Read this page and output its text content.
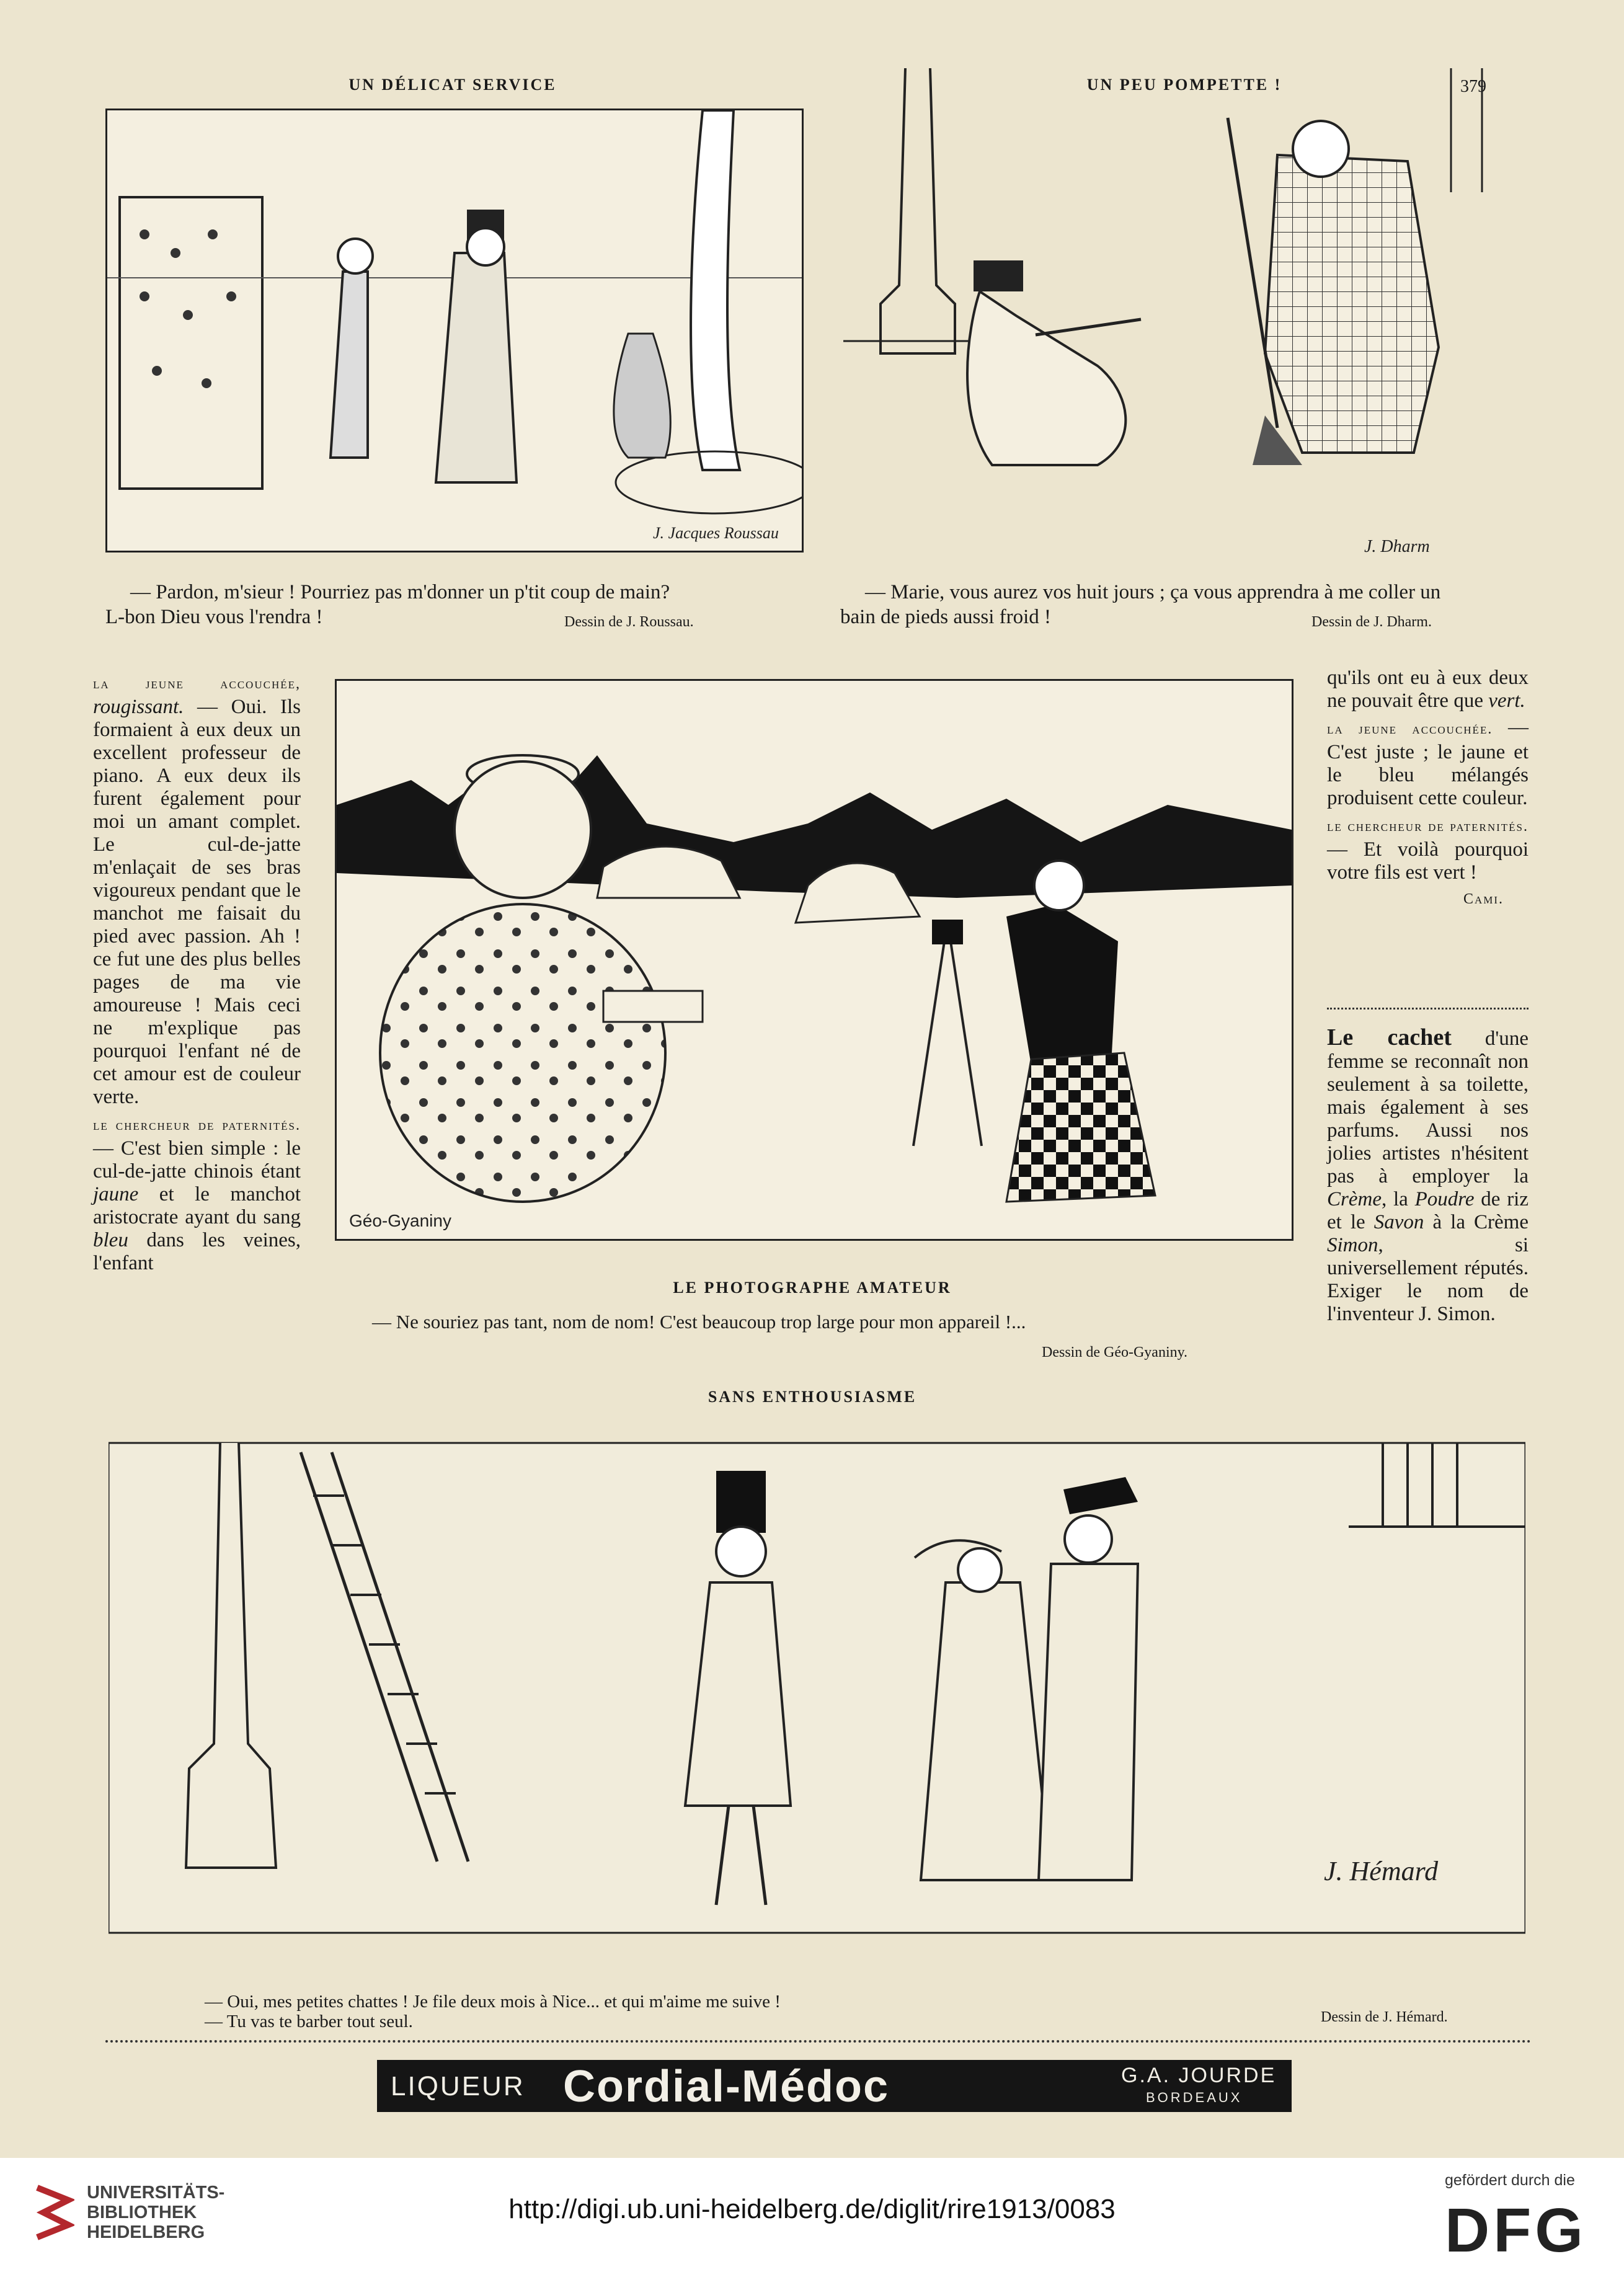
UN DÉLICAT SERVICE
J. Jacques Roussau
— Pardon, m'sieur ! Pourriez pas m'donner un p'tit coup de main?
L-bon Dieu vous l'rendra !	Dessin de J. Roussau.
UN PEU POMPETTE !	379
J. Dharm
— Marie, vous aurez vos huit jours ; ça vous apprendra à me coller un
bain de pieds aussi froid !	Dessin de J. Dharm.

la jeune accouchée, rougissant. — Oui. Ils formaient à eux deux un excellent professeur de piano. A eux deux ils furent également pour moi un amant complet. Le cul-de-jatte m'enlaçait de ses bras vigoureux pendant que le manchot me faisait du pied avec passion. Ah ! ce fut une des plus belles pages de ma vie amoureuse ! Mais ceci ne m'explique pas pourquoi l'enfant né de cet amour est de couleur verte.

le chercheur de paternités.— C'est bien simple : le cul-de-jatte chinois étant jaune et le manchot aristocrate ayant du sang bleu dans les veines, l'enfant

Géo-Gyaniny
LE PHOTOGRAPHE AMATEUR
— Ne souriez pas tant, nom de nom! C'est beaucoup trop large pour mon appareil !...
Dessin de Géo-Gyaniny.
SANS ENTHOUSIASME

qu'ils ont eu à eux deux ne pouvait être que vert.

la jeune accouchée. — C'est juste ; le jaune et le bleu mélangés produisent cette couleur.

le chercheur de paternités. — Et voilà pourquoi votre fils est vert !

Cami.

Le cachet d'une femme se reconnaît non seulement à sa toilette, mais également à ses parfums. Aussi nos jolies artistes n'hésitent pas à employer la Crème, la Poudre de riz et le Savon à la Crème Simon, si universellement réputés. Exiger le nom de l'inventeur J. Simon.

J. Hémard
— Oui, mes petites chattes ! Je file deux mois à Nice... et qui m'aime me suive !
— Tu vas te barber tout seul.	Dessin de J. Hémard.
LIQUEUR Cordial-Médoc	G.A. JOURDE
BORDEAUX
UNIVERSITÄTS-
BIBLIOTHEK
HEIDELBERG
http://digi.ub.uni-heidelberg.de/diglit/rire1913/0083
gefördert durch die
DFG
